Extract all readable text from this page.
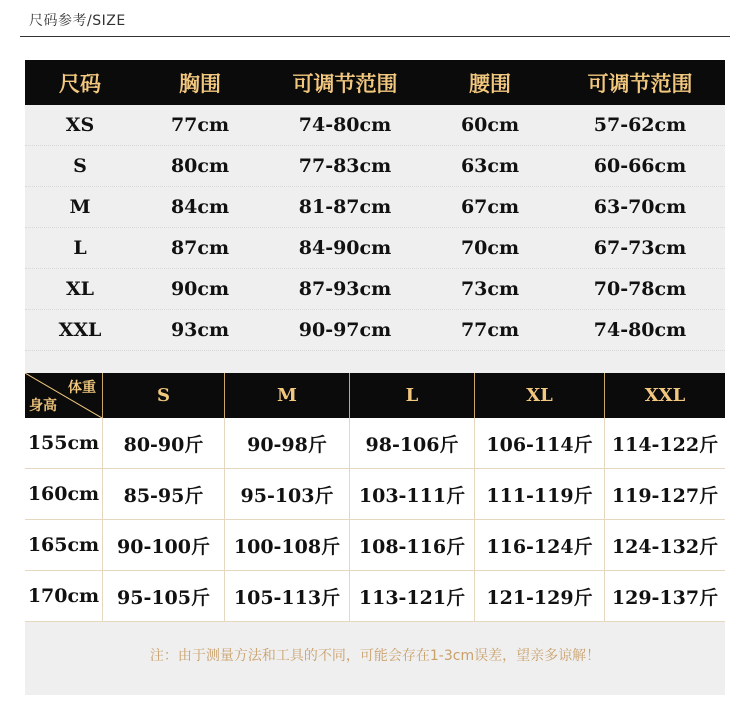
尺码参考/SIZE
尺码	胸围	可调节范围	腰围	可调节范围
XS	77cm	74-80cm	60cm	57-62cm
S	80cm	77-83cm	63cm	60-66cm
M	84cm	81-87cm	67cm	63-70cm
L	87cm	84-90cm	70cm	67-73cm
XL	90cm	87-93cm	73cm	70-78cm
XXL	93cm	90-97cm	77cm	74-80cm
体重
身高	S	M	L	XL	XXL
155cm	80-90斤	90-98斤	98-106斤	106-114斤	114-122斤
160cm	85-95斤	95-103斤	103-111斤	111-119斤	119-127斤
165cm 90-100斤	100-108斤 108-116斤	116-124斤	124-132斤
170cm 95-105斤	105-113斤 113-121斤	121-129斤	129-137斤
注：由于测量方法和工具的不同，可能会存在1-3cm误差，望亲多谅解！
